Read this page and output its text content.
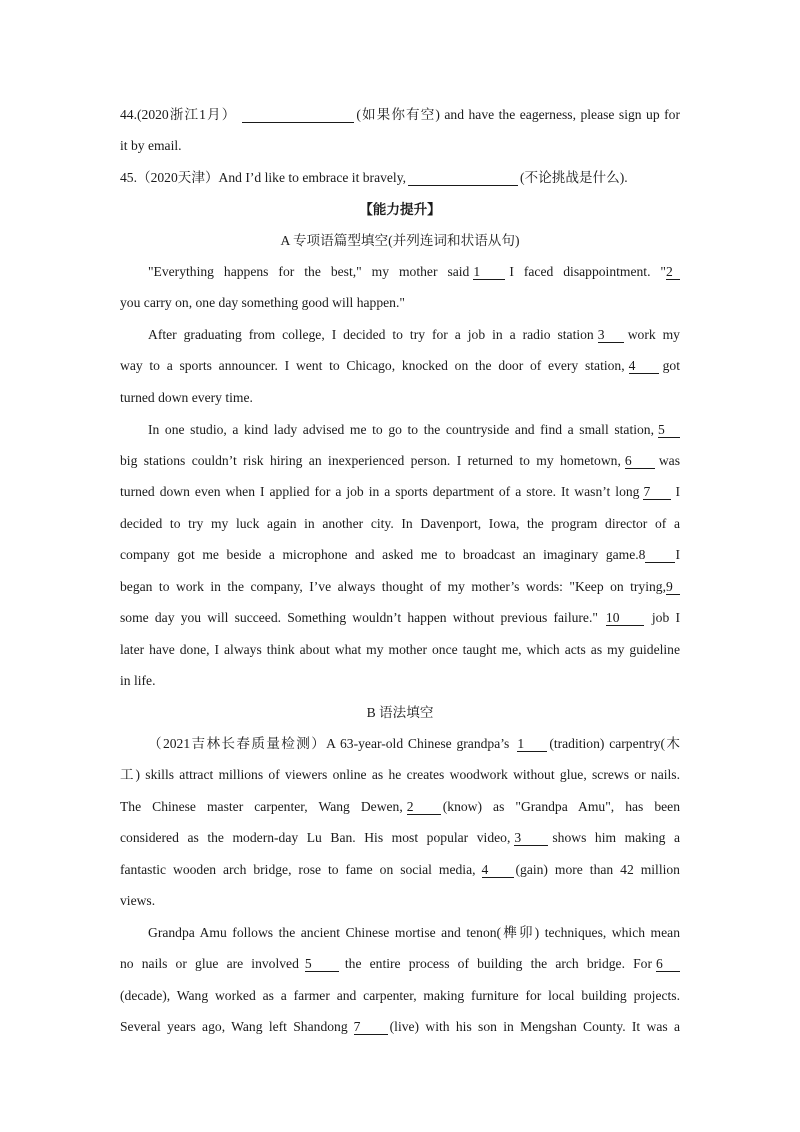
44.(2020浙江1月）	(如果你有空) and have the eagerness, please sign up for
it by email.
45.（2020天津）And I’d like to embrace it bravely,	(不论挑战是什么).
【能力提升】
A 专项语篇型填空(并列连词和状语从句)
"Everything happens for the best," my mother said 1 I faced disappointment. "2
you carry on, one day something good will happen."
After graduating from college, I decided to try for a job in a radio station 3 work my
way to a sports announcer. I went to Chicago, knocked on the door of every station, 4 got
turned down every time.
In one studio, a kind lady advised me to go to the countryside and find a small station, 5
big stations couldn’t risk hiring an inexperienced person. I returned to my hometown, 6 was
turned down even when I applied for a job in a sports department of a store. It wasn’t long 7 I
decided to try my luck again in another city. In Davenport, Iowa, the program director of a
company got me beside a microphone and asked me to broadcast an imaginary game.8 I
began to work in the company, I’ve always thought of my mother’s words: "Keep on trying,9
some day you will succeed. Something wouldn’t happen without previous failure." 10 job I
later have done, I always think about what my mother once taught me, which acts as my guideline
in life.
B 语法填空
（2021吉林长春质量检测）A 63-year-old Chinese grandpa’s 1 (tradition) carpentry(木
工) skills attract millions of viewers online as he creates woodwork without glue, screws or nails.
The Chinese master carpenter, Wang Dewen, 2 (know) as "Grandpa Amu", has been
considered as the modern-day Lu Ban. His most popular video, 3 shows him making a
fantastic wooden arch bridge, rose to fame on social media, 4 (gain) more than 42 million
views.
Grandpa Amu follows the ancient Chinese mortise and tenon(榫卯) techniques, which mean
no nails or glue are involved 5 the entire process of building the arch bridge. For 6
(decade), Wang worked as a farmer and carpenter, making furniture for local building projects.
Several years ago, Wang left Shandong 7 (live) with his son in Mengshan County. It was a
